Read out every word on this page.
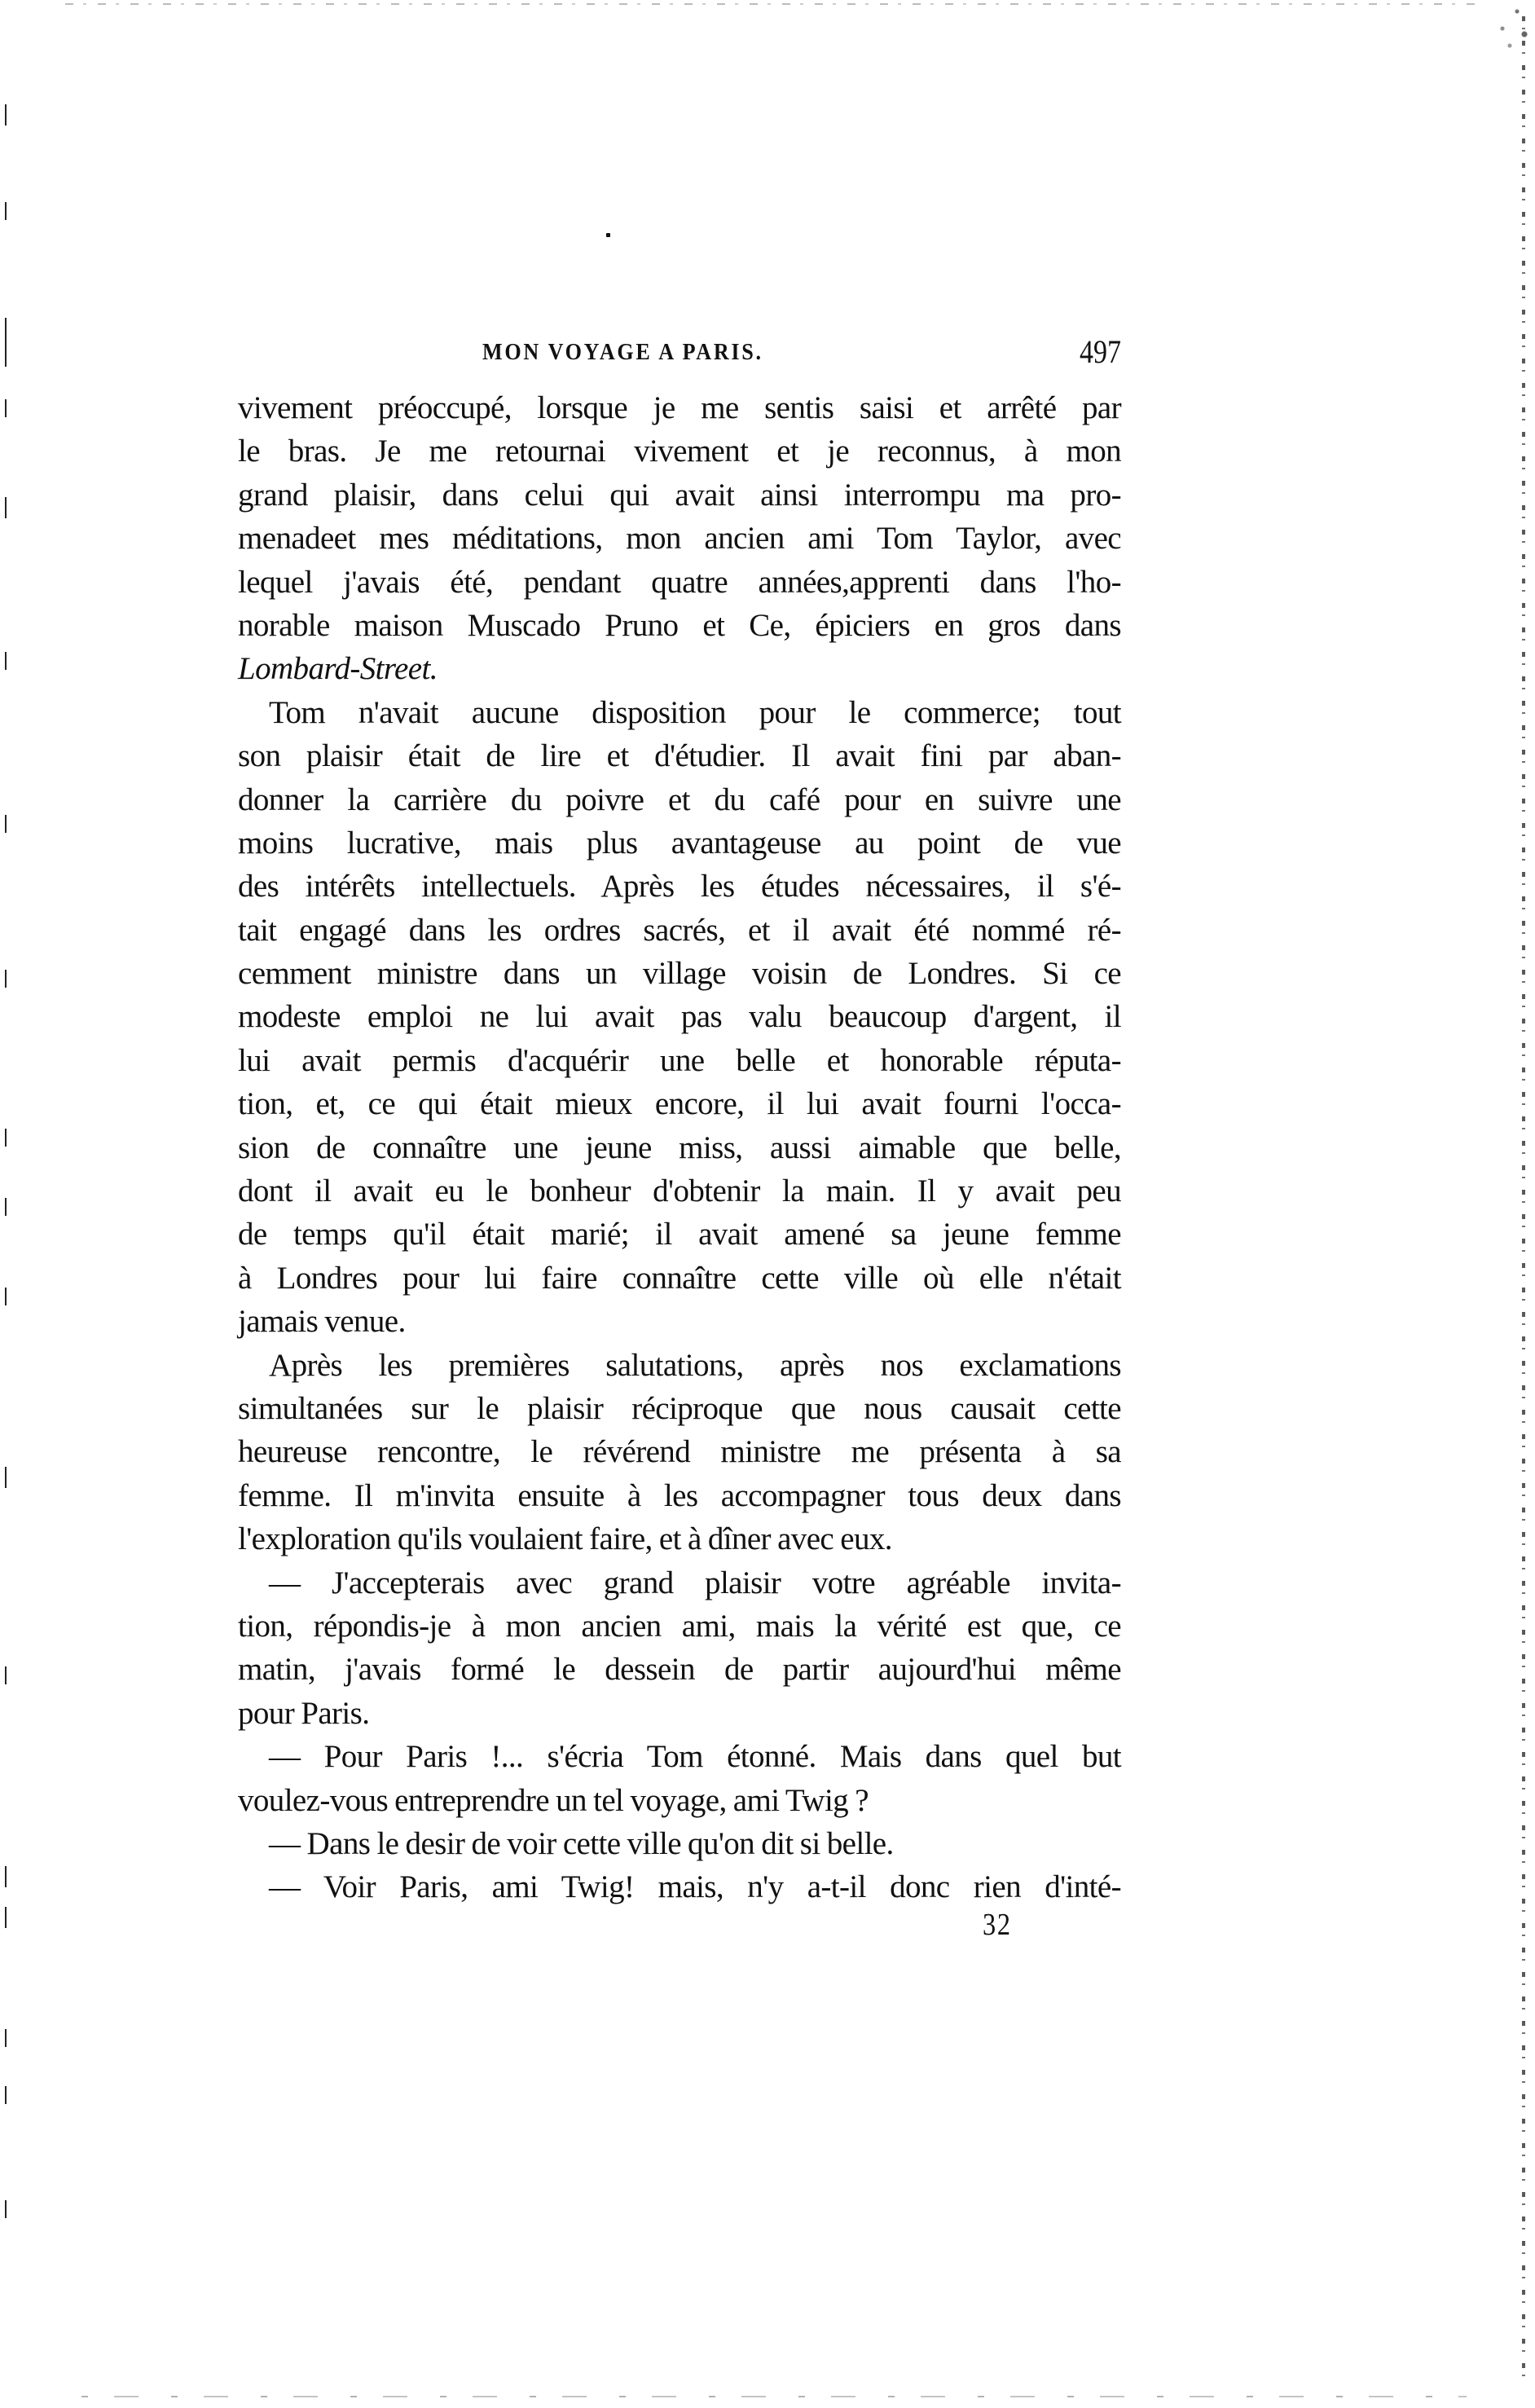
MON VOYAGE A PARIS.	497
vivement préoccupé, lorsque je me sentis saisi et arrêté par
le bras. Je me retournai vivement et je reconnus, à mon
grand plaisir, dans celui qui avait ainsi interrompu ma pro-
menadeet mes méditations, mon ancien ami Tom Taylor, avec
lequel j'avais été, pendant quatre années,apprenti dans l'ho-
norable maison Muscado Pruno et Ce, épiciers en gros dans
Lombard-Street.
Tom n'avait aucune disposition pour le commerce; tout
son plaisir était de lire et d'étudier. Il avait fini par aban-
donner la carrière du poivre et du café pour en suivre une
moins lucrative, mais plus avantageuse au point de vue
des intérêts intellectuels. Après les études nécessaires, il s'é-
tait engagé dans les ordres sacrés, et il avait été nommé ré-
cemment ministre dans un village voisin de Londres. Si ce
modeste emploi ne lui avait pas valu beaucoup d'argent, il
lui avait permis d'acquérir une belle et honorable réputa-
tion, et, ce qui était mieux encore, il lui avait fourni l'occa-
sion de connaître une jeune miss, aussi aimable que belle,
dont il avait eu le bonheur d'obtenir la main. Il y avait peu
de temps qu'il était marié; il avait amené sa jeune femme
à Londres pour lui faire connaître cette ville où elle n'était
jamais venue.
Après les premières salutations, après nos exclamations
simultanées sur le plaisir réciproque que nous causait cette
heureuse rencontre, le révérend ministre me présenta à sa
femme. Il m'invita ensuite à les accompagner tous deux dans
l'exploration qu'ils voulaient faire, et à dîner avec eux.
— J'accepterais avec grand plaisir votre agréable invita-
tion, répondis-je à mon ancien ami, mais la vérité est que, ce
matin, j'avais formé le dessein de partir aujourd'hui même
pour Paris.
— Pour Paris !... s'écria Tom étonné. Mais dans quel but
voulez-vous entreprendre un tel voyage, ami Twig ?
— Dans le desir de voir cette ville qu'on dit si belle.
— Voir Paris, ami Twig! mais, n'y a-t-il donc rien d'inté-
32
